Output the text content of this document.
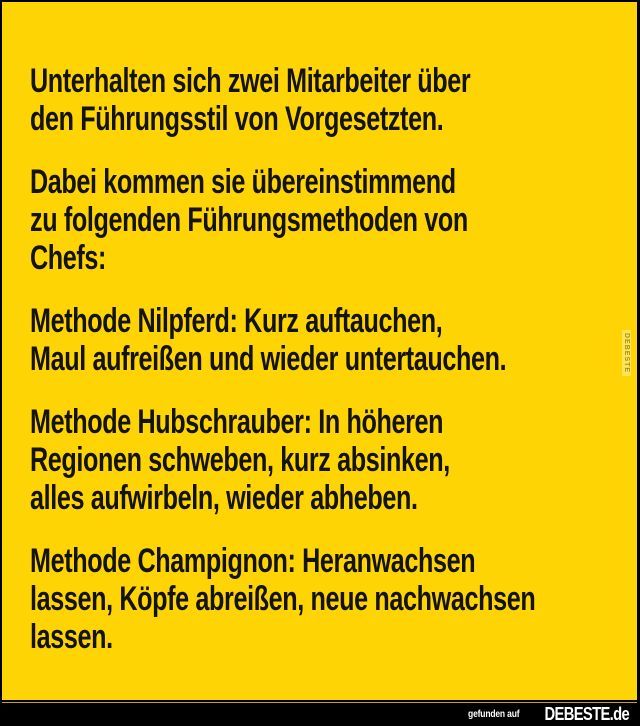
Unterhalten sich zwei Mitarbeiter über
den Führungsstil von Vorgesetzten.
Dabei kommen sie übereinstimmend
zu folgenden Führungsmethoden von
Chefs:
Methode Nilpferd: Kurz auftauchen,
Maul aufreißen und wieder untertauchen.
Methode Hubschrauber: In höheren
Regionen schweben, kurz absinken,
alles aufwirbeln, wieder abheben.
Methode Champignon: Heranwachsen
lassen, Köpfe abreißen, neue nachwachsen
lassen.
DEBESTE
gefunden auf DEBESTE.de
